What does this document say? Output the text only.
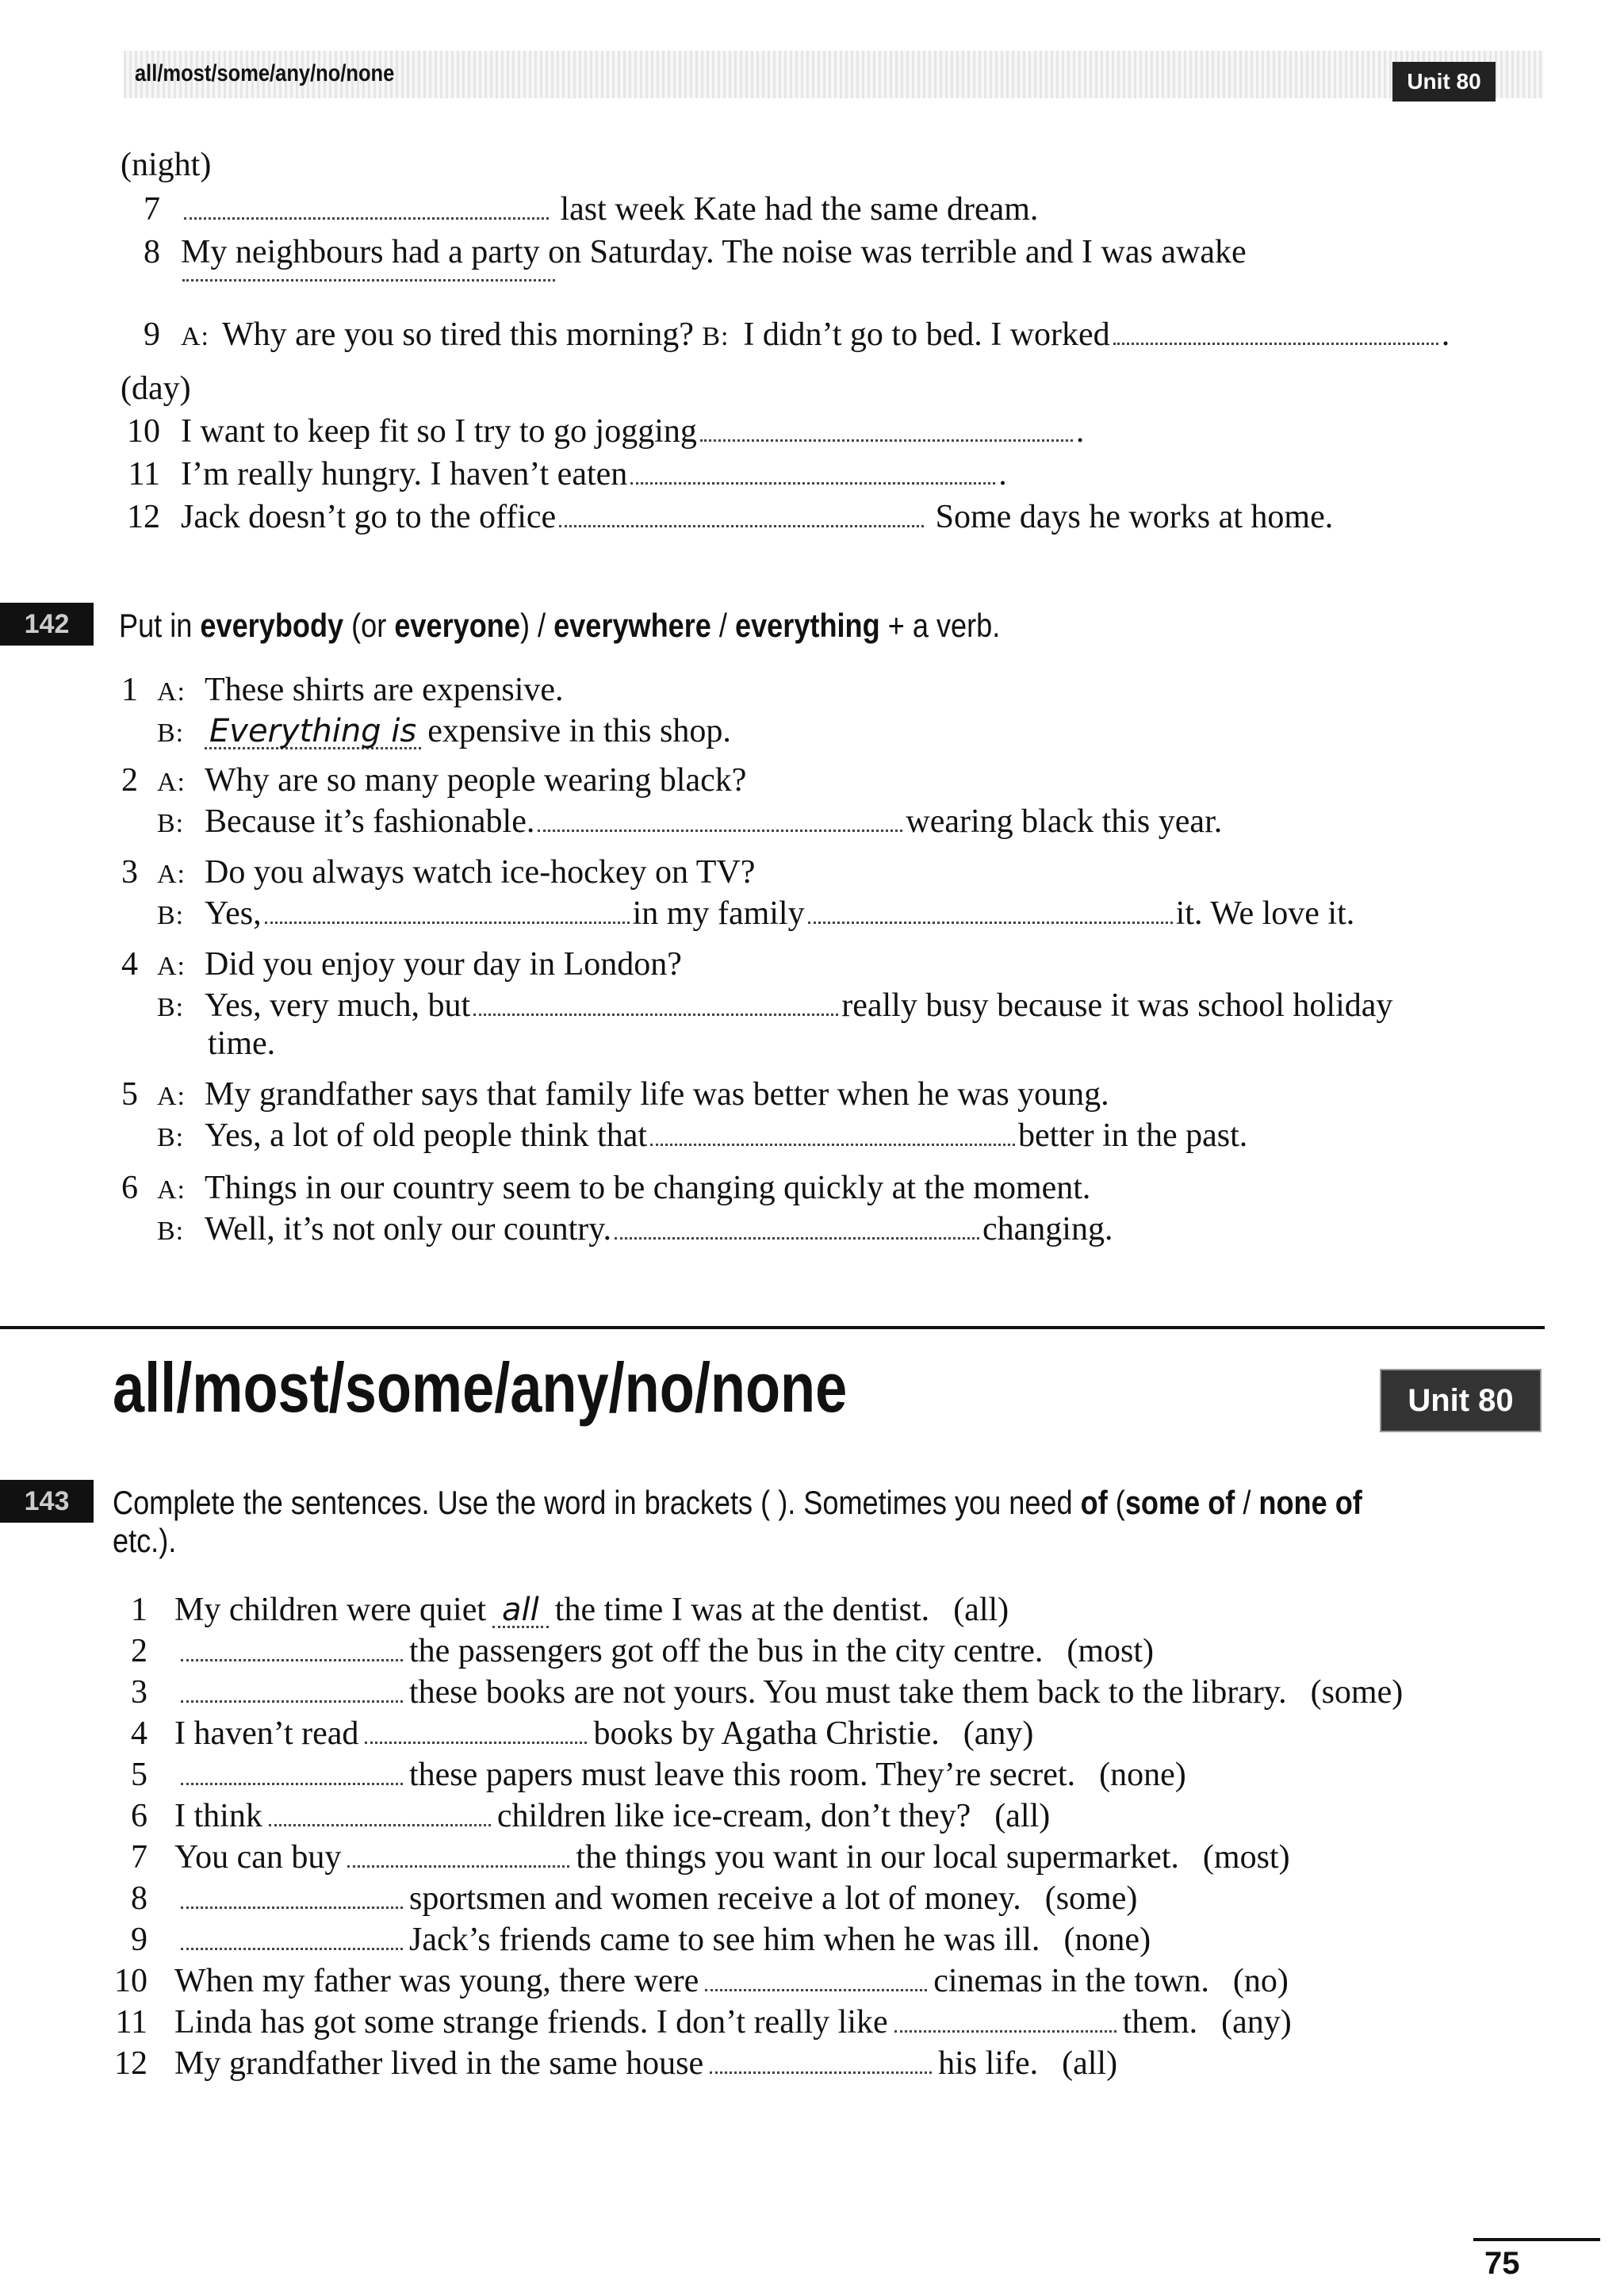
all/most/some/any/no/none	Unit 80
(night)
7	last week Kate had the same dream.
8 My neighbours had a party on Saturday. The noise was terrible and I was awake
9 A: Why are you so tired this morning? B: I didn’t go to bed. I worked	.
(day)
10 I want to keep fit so I try to go jogging	.
11 I’m really hungry. I haven’t eaten	.
12 Jack doesn’t go to the office	Some days he works at home.
142	Put in everybody (or everyone) / everywhere / everything + a verb.
1 A: These shirts are expensive.
B: Everything is expensive in this shop.
2 A: Why are so many people wearing black?
B: Because it’s fashionable.	wearing black this year.
3 A: Do you always watch ice-hockey on TV?
B: Yes,	in my family	it. We love it.
4 A: Did you enjoy your day in London?
B: Yes, very much, but	really busy because it was school holiday
time.
5 A: My grandfather says that family life was better when he was young.
B: Yes, a lot of old people think that	better in the past.
6 A: Things in our country seem to be changing quickly at the moment.
B: Well, it’s not only our country.	changing.
all/most/some/any/no/none	Unit 80
143	Complete the sentences. Use the word in brackets ( ). Sometimes you need of (some of / none of
etc.).
1 My children were quiet all the time I was at the dentist. (all)
2	the passengers got off the bus in the city centre. (most)
3	these books are not yours. You must take them back to the library. (some)
4 I haven’t read	books by Agatha Christie. (any)
5	these papers must leave this room. They’re secret. (none)
6 I think	children like ice-cream, don’t they? (all)
7 You can buy	the things you want in our local supermarket. (most)
8	sportsmen and women receive a lot of money. (some)
9	Jack’s friends came to see him when he was ill. (none)
10 When my father was young, there were	cinemas in the town. (no)
11 Linda has got some strange friends. I don’t really like	them. (any)
12 My grandfather lived in the same house	his life. (all)
75
